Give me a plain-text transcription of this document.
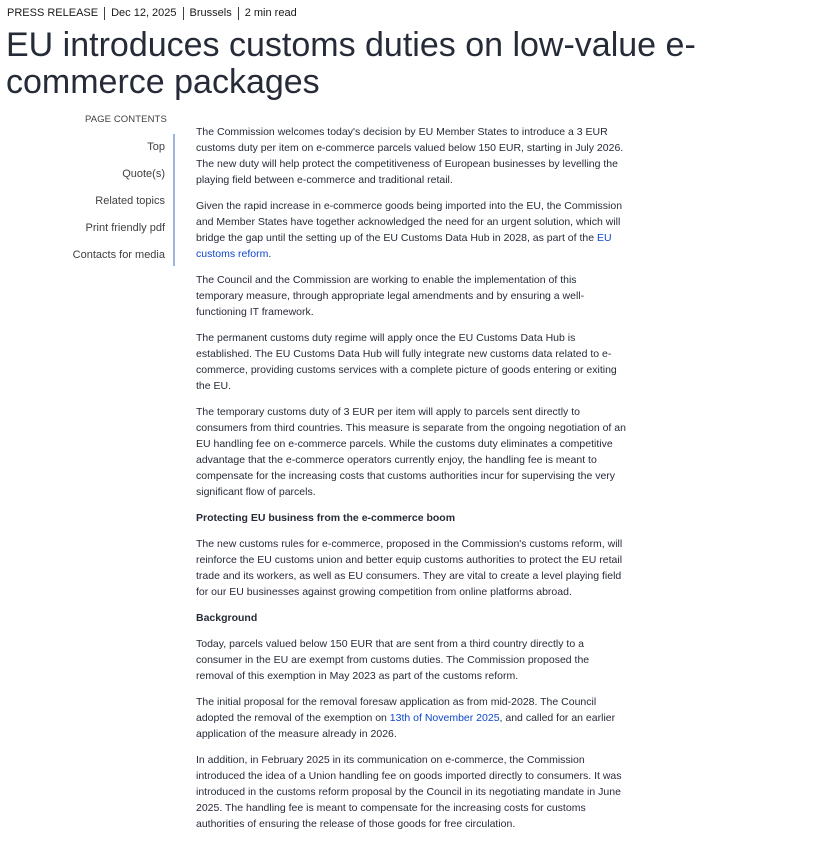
PRESS RELEASE	Dec 12, 2025	Brussels	2 min read
EU introduces customs duties on low-value e-commerce packages
PAGE CONTENTS
Top
Quote(s)
Related topics
Print friendly pdf
Contacts for media

The Commission welcomes today's decision by EU Member States to introduce a 3 EUR customs duty per item on e-commerce parcels valued below 150 EUR, starting in July 2026. The new duty will help protect the competitiveness of European businesses by levelling the playing field between e-commerce and traditional retail.

Given the rapid increase in e-commerce goods being imported into the EU, the Commission and Member States have together acknowledged the need for an urgent solution, which will bridge the gap until the setting up of the EU Customs Data Hub in 2028, as part of the EU customs reform.

The Council and the Commission are working to enable the implementation of this temporary measure, through appropriate legal amendments and by ensuring a well-functioning IT framework.

The permanent customs duty regime will apply once the EU Customs Data Hub is established. The EU Customs Data Hub will fully integrate new customs data related to e-commerce, providing customs services with a complete picture of goods entering or exiting the EU.

The temporary customs duty of 3 EUR per item will apply to parcels sent directly to consumers from third countries. This measure is separate from the ongoing negotiation of an EU handling fee on e-commerce parcels. While the customs duty eliminates a competitive advantage that the e-commerce operators currently enjoy, the handling fee is meant to compensate for the increasing costs that customs authorities incur for supervising the very significant flow of parcels.

Protecting EU business from the e-commerce boom

The new customs rules for e-commerce, proposed in the Commission's customs reform, will reinforce the EU customs union and better equip customs authorities to protect the EU retail trade and its workers, as well as EU consumers. They are vital to create a level playing field for our EU businesses against growing competition from online platforms abroad.

Background

Today, parcels valued below 150 EUR that are sent from a third country directly to a consumer in the EU are exempt from customs duties. The Commission proposed the removal of this exemption in May 2023 as part of the customs reform.

The initial proposal for the removal foresaw application as from mid-2028. The Council adopted the removal of the exemption on 13th of November 2025, and called for an earlier application of the measure already in 2026.

In addition, in February 2025 in its communication on e-commerce, the Commission introduced the idea of a Union handling fee on goods imported directly to consumers. It was introduced in the customs reform proposal by the Council in its negotiating mandate in June 2025. The handling fee is meant to compensate for the increasing costs for customs authorities of ensuring the release of those goods for free circulation.
